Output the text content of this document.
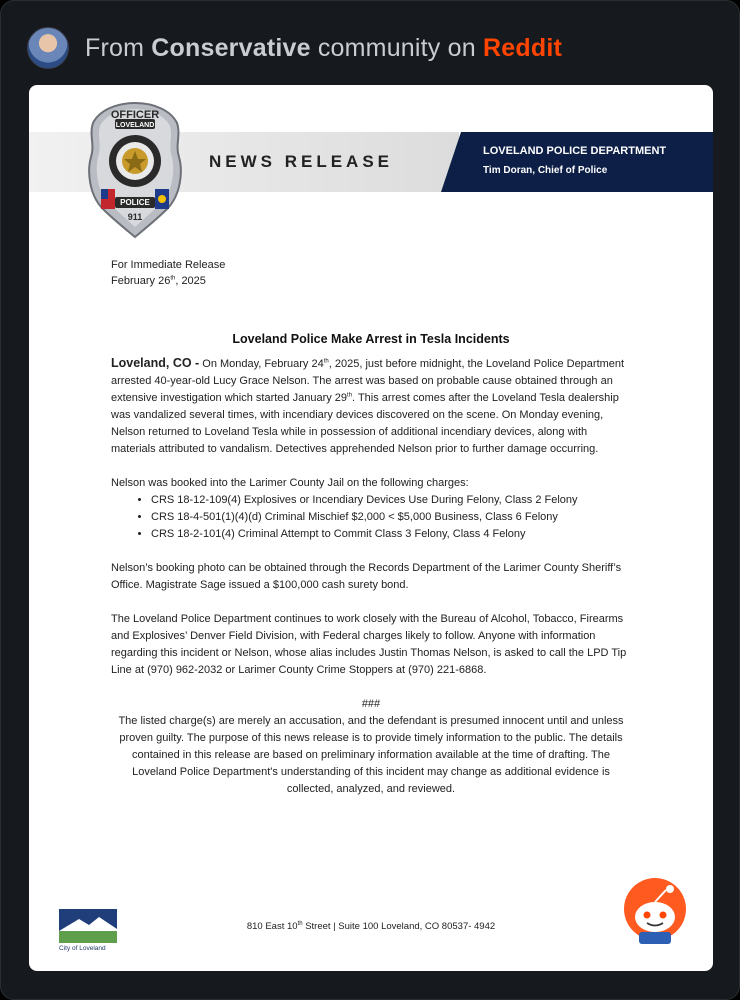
From Conservative community on Reddit
NEWS RELEASE
LOVELAND POLICE DEPARTMENT
Tim Doran, Chief of Police
OFFICER
LOVELAND
POLICE
911
For Immediate Release
February 26th, 2025
Loveland Police Make Arrest in Tesla Incidents

Loveland, CO - On Monday, February 24th, 2025, just before midnight, the Loveland Police Department arrested 40-year-old Lucy Grace Nelson. The arrest was based on probable cause obtained through an extensive investigation which started January 29th. This arrest comes after the Loveland Tesla dealership was vandalized several times, with incendiary devices discovered on the scene. On Monday evening, Nelson returned to Loveland Tesla while in possession of additional incendiary devices, along with materials attributed to vandalism. Detectives apprehended Nelson prior to further damage occurring.

Nelson was booked into the Larimer County Jail on the following charges:

• CRS 18-12-109(4) Explosives or Incendiary Devices Use During Felony, Class 2 Felony
• CRS 18-4-501(1)(4)(d) Criminal Mischief $2,000 < $5,000 Business, Class 6 Felony
• CRS 18-2-101(4) Criminal Attempt to Commit Class 3 Felony, Class 4 Felony

Nelson’s booking photo can be obtained through the Records Department of the Larimer County Sheriff’s Office. Magistrate Sage issued a $100,000 cash surety bond.

The Loveland Police Department continues to work closely with the Bureau of Alcohol, Tobacco, Firearms and Explosives’ Denver Field Division, with Federal charges likely to follow. Anyone with information regarding this incident or Nelson, whose alias includes Justin Thomas Nelson, is asked to call the LPD Tip Line at (970) 962-2032 or Larimer County Crime Stoppers at (970) 221-6868.

###

The listed charge(s) are merely an accusation, and the defendant is presumed innocent until and unless proven guilty. The purpose of this news release is to provide timely information to the public. The details contained in this release are based on preliminary information available at the time of drafting. The Loveland Police Department's understanding of this incident may change as additional evidence is collected, analyzed, and reviewed.

City of Loveland
810 East 10th Street | Suite 100 Loveland, CO 80537- 4942
